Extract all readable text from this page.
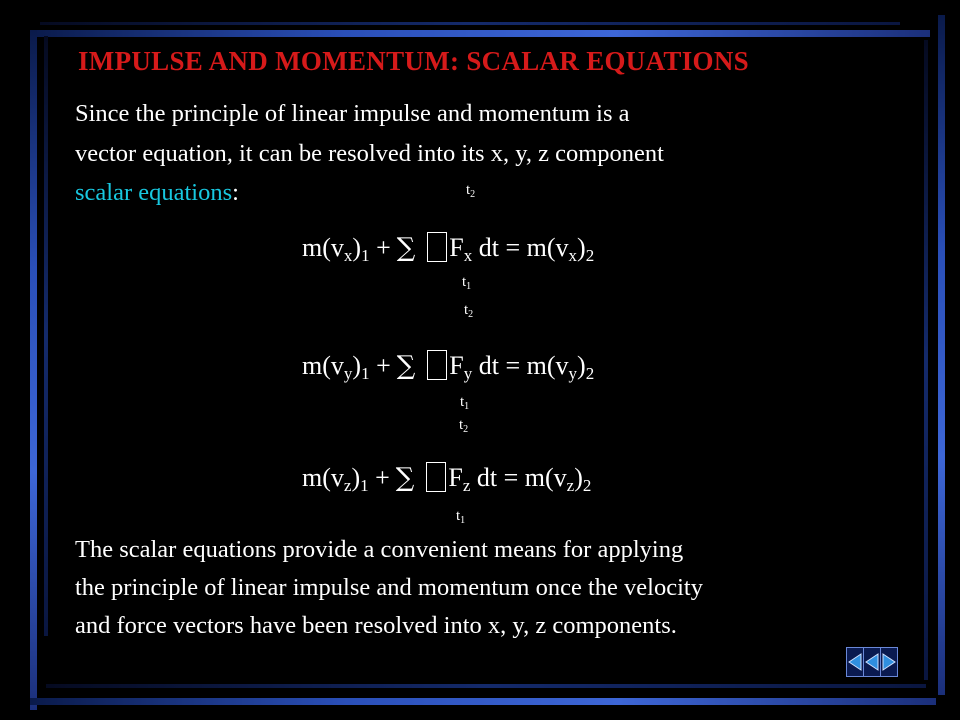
IMPULSE AND MOMENTUM: SCALAR EQUATIONS
Since the principle of linear impulse and momentum is a
vector equation, it can be resolved into its x, y, z component
scalar equations:	$t_2$
$m(v_x)_1$ + ∑ $F_x$ dt = $m(v_x)_2$
$t_1$
$t_2$
$m(v_y)_1$ + ∑ $F_y$ dt = $m(v_y)_2$
$t_1$
$t_2$
$m(v_z)_1$ + ∑ $F_z$ dt = $m(v_z)_2$
$t_1$
The scalar equations provide a convenient means for applying
the principle of linear impulse and momentum once the velocity
and force vectors have been resolved into x, y, z components.
